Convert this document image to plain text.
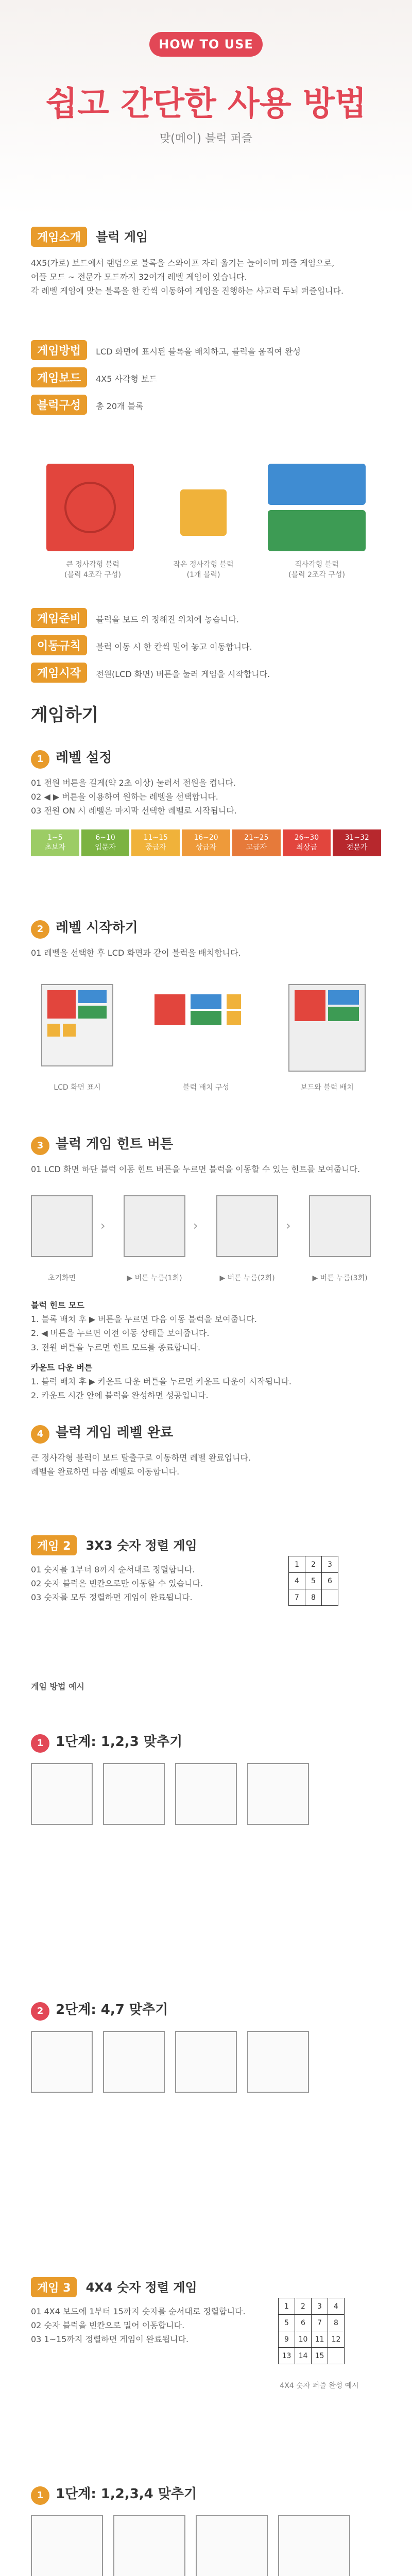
HOW TO USE
쉽고 간단한 사용 방법
맞(메이) 블럭 퍼즐
게임소개 블럭 게임
4X5(가로) 보드에서 랜덤으로 블록을 스와이프 자리 옮기는 놀이이며 퍼즐 게임으로,
어플 모드 ~ 전문가 모드까지 32여개 레벨 게임이 있습니다.
각 레벨 게임에 맞는 블록을 한 칸씩 이동하여 게임을 진행하는 사고력 두뇌 퍼즐입니다.
게임방법 LCD 화면에 표시된 블록을 배치하고, 블럭을 움직여 완성
게임보드 4X5 사각형 보드
블럭구성 총 20개 블록
큰 정사각형 블럭
(블럭 4조각 구성)
작은 정사각형 블럭
(1개 블럭)
직사각형 블럭
(블럭 2조각 구성)
게임준비 블럭을 보드 위 정해진 위치에 놓습니다.
이동규칙 블럭 이동 시 한 칸씩 밀어 놓고 이동합니다.
게임시작 전원(LCD 화면) 버튼을 눌러 게임을 시작합니다.
게임하기
1 레벨 설정
01 전원 버튼을 길게(약 2초 이상) 눌러서 전원을 켭니다.
02 ◀ ▶ 버튼을 이용하여 원하는 레벨을 선택합니다.
03 전원 ON 시 레벨은 마지막 선택한 레벨로 시작됩니다.
1~5
초보자
6~10
입문자
11~15
중급자
16~20
상급자
21~25
고급자
26~30
최상급
31~32
전문가
2 레벨 시작하기
01 레벨을 선택한 후 LCD 화면과 같이 블럭을 배치합니다.
LCD 화면 표시	블럭 배치 구성	보드와 블럭 배치
3 블럭 게임 힌트 버튼
01 LCD 화면 하단 블럭 이동 힌트 버튼을 누르면 블럭을 이동할 수 있는 힌트를 보여줍니다.
›	›	›
초기화면	▶ 버튼 누름(1회)	▶ 버튼 누름(2회)	▶ 버튼 누름(3회)
블럭 힌트 모드
1. 블록 배치 후 ▶ 버튼을 누르면 다음 이동 블럭을 보여줍니다.
2. ◀ 버튼을 누르면 이전 이동 상태를 보여줍니다.
3. 전원 버튼을 누르면 힌트 모드를 종료합니다.
카운트 다운 버튼
1. 블럭 배치 후 ▶ 카운트 다운 버튼을 누르면 카운트 다운이 시작됩니다.
2. 카운트 시간 안에 블럭을 완성하면 성공입니다.
4 블럭 게임 레벨 완료
큰 정사각형 블럭이 보드 탈출구로 이동하면 레벨 완료입니다.
레벨을 완료하면 다음 레벨로 이동합니다.
게임 2 3X3 숫자 정렬 게임
01 숫자를 1부터 8까지 순서대로 정렬합니다.
02 숫자 블럭은 빈칸으로만 이동할 수 있습니다.
03 숫자를 모두 정렬하면 게임이 완료됩니다.
1	2	3
4	5	6
7	8	
게임 방법 예시
1 1단계: 1,2,3 맞추기
2 2단계: 4,7 맞추기
게임 3 4X4 숫자 정렬 게임
01 4X4 보드에 1부터 15까지 숫자를 순서대로 정렬합니다.
02 숫자 블럭을 빈칸으로 밀어 이동합니다.
03 1~15까지 정렬하면 게임이 완료됩니다.
1	2	3	4
5	6	7	8
9	10	11	12
13	14	15	
4X4 숫자 퍼즐 완성 예시
1 1단계: 1,2,3,4 맞추기
